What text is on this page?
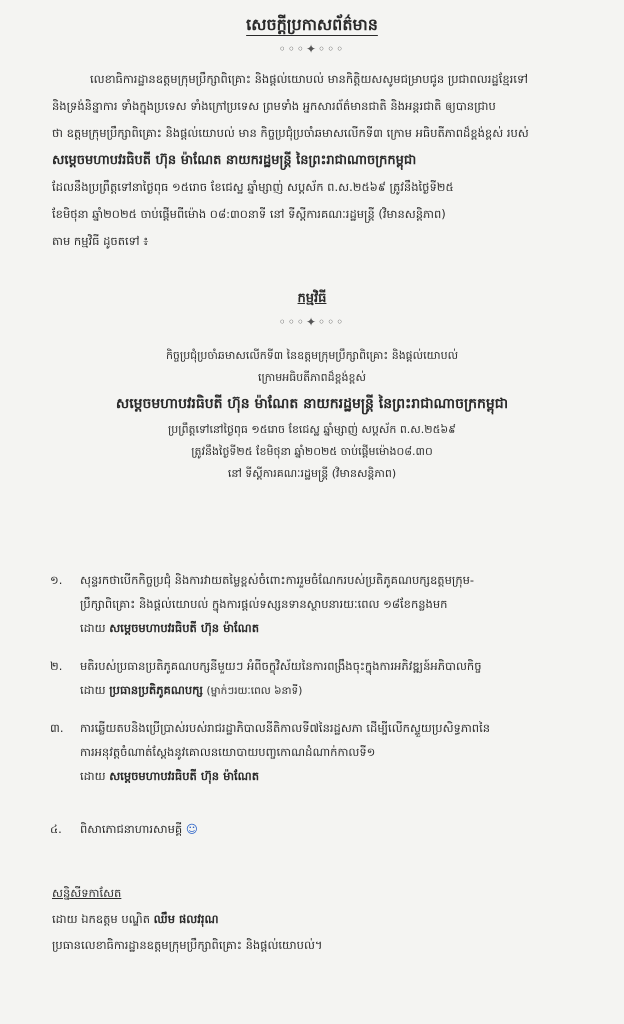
សេចក្តីប្រកាសព័ត៌មាន
◦◦◦✦◦◦◦

លេខាធិការដ្ឋានឧត្តមក្រុមប្រឹក្សាពិគ្រោះ និងផ្តល់យោបល់ មានកិត្តិយសសូមជម្រាបជូន ប្រជាពលរដ្ឋខ្មែរទៅ

និងទ្រង់និន្នាការ ទាំងក្នុងប្រទេស ទាំងក្រៅប្រទេស ព្រមទាំង អ្នកសារព័ត៌មានជាតិ និងអន្តរជាតិ ឲ្យបានជ្រាប

ថា ឧត្តមក្រុមប្រឹក្សាពិគ្រោះ និងផ្តល់យោបល់ មាន កិច្ចប្រជុំប្រចាំឆមាសលើកទី៣ ក្រោម អធិបតីភាពដ៏ខ្ពង់ខ្ពស់ របស់

សម្តេចមហាបវរធិបតី ហ៊ុន ម៉ាណែត នាយករដ្ឋមន្ត្រី នៃព្រះរាជាណាចក្រកម្ពុជា

ដែលនឹងប្រព្រឹត្តទៅនាថ្ងៃពុធ ១៥រោច ខែជេស្ឋ ឆ្នាំម្សាញ់ សប្តស័ក ព.ស.២៥៦៩ ត្រូវនឹងថ្ងៃទី២៥

ខែមិថុនា ឆ្នាំ២០២៥ ចាប់ផ្តើមពីម៉ោង ០៨:៣០នាទី នៅ ទីស្តីការគណៈរដ្ឋមន្ត្រី (វិមានសន្តិភាព)

តាម កម្មវិធី ដូចតទៅ ៖

កម្មវិធី
◦◦◦✦◦◦◦

កិច្ចប្រជុំប្រចាំឆមាសលើកទី៣ នៃឧត្តមក្រុមប្រឹក្សាពិគ្រោះ និងផ្តល់យោបល់

ក្រោមអធិបតីភាពដ៏ខ្ពង់ខ្ពស់

សម្តេចមហាបវរធិបតី ហ៊ុន ម៉ាណែត នាយករដ្ឋមន្ត្រី នៃព្រះរាជាណាចក្រកម្ពុជា

ប្រព្រឹត្តទៅនៅថ្ងៃពុធ ១៥រោច ខែជេស្ឋ ឆ្នាំម្សាញ់ សប្តស័ក ព.ស.២៥៦៩

ត្រូវនឹងថ្ងៃទី២៥ ខែមិថុនា ឆ្នាំ២០២៥ ចាប់ផ្តើមម៉ោង០៨.៣០

នៅ ទីស្តីការគណៈរដ្ឋមន្ត្រី (វិមានសន្តិភាព)

១.	សុន្ទរកថាបើកកិច្ចប្រជុំ និងការវាយតម្លៃខ្ពស់ចំពោះការរួមចំណែករបស់ប្រតិភូគណបក្សឧត្តមក្រុម-

ប្រឹក្សាពិគ្រោះ និងផ្តល់យោបល់ ក្នុងការផ្តល់ទស្សនទានស្ថាបនារយៈពេល ១៨ខែកន្លងមក

ដោយ សម្តេចមហាបវរធិបតី ហ៊ុន ម៉ាណែត

២.	មតិរបស់ប្រធានប្រតិភូគណបក្សនីមួយៗ អំពីចក្ខុវិស័យនៃការពង្រឹងចុះក្នុងការអភិវឌ្ឍន៍អភិបាលកិច្ច

ដោយ ប្រធានប្រតិភូគណបក្ស (ម្នាក់ៗរយៈពេល ៦នាទី)

៣.	ការឆ្លើយតបនិងប្រើប្រាស់របស់រាជរដ្ឋាភិបាលនីតិកាលទី៧នៃរដ្ឋសភា ដើម្បីលើកស្ទួយប្រសិទ្ធភាពនៃ

ការអនុវត្តចំណាត់ស្តែងនូវគោលនយោបាយបញ្ចកោណដំណាក់កាលទី១

ដោយ សម្តេចមហាបវរធិបតី ហ៊ុន ម៉ាណែត

៤.	ពិសាភោជនាហារសាមគ្គី ☺

សន្និសីទកាសែត

ដោយ ឯកឧត្តម បណ្ឌិត ឈឹម ផលវរុណ

ប្រធានលេខាធិការដ្ឋានឧត្តមក្រុមប្រឹក្សាពិគ្រោះ និងផ្តល់យោបល់។
